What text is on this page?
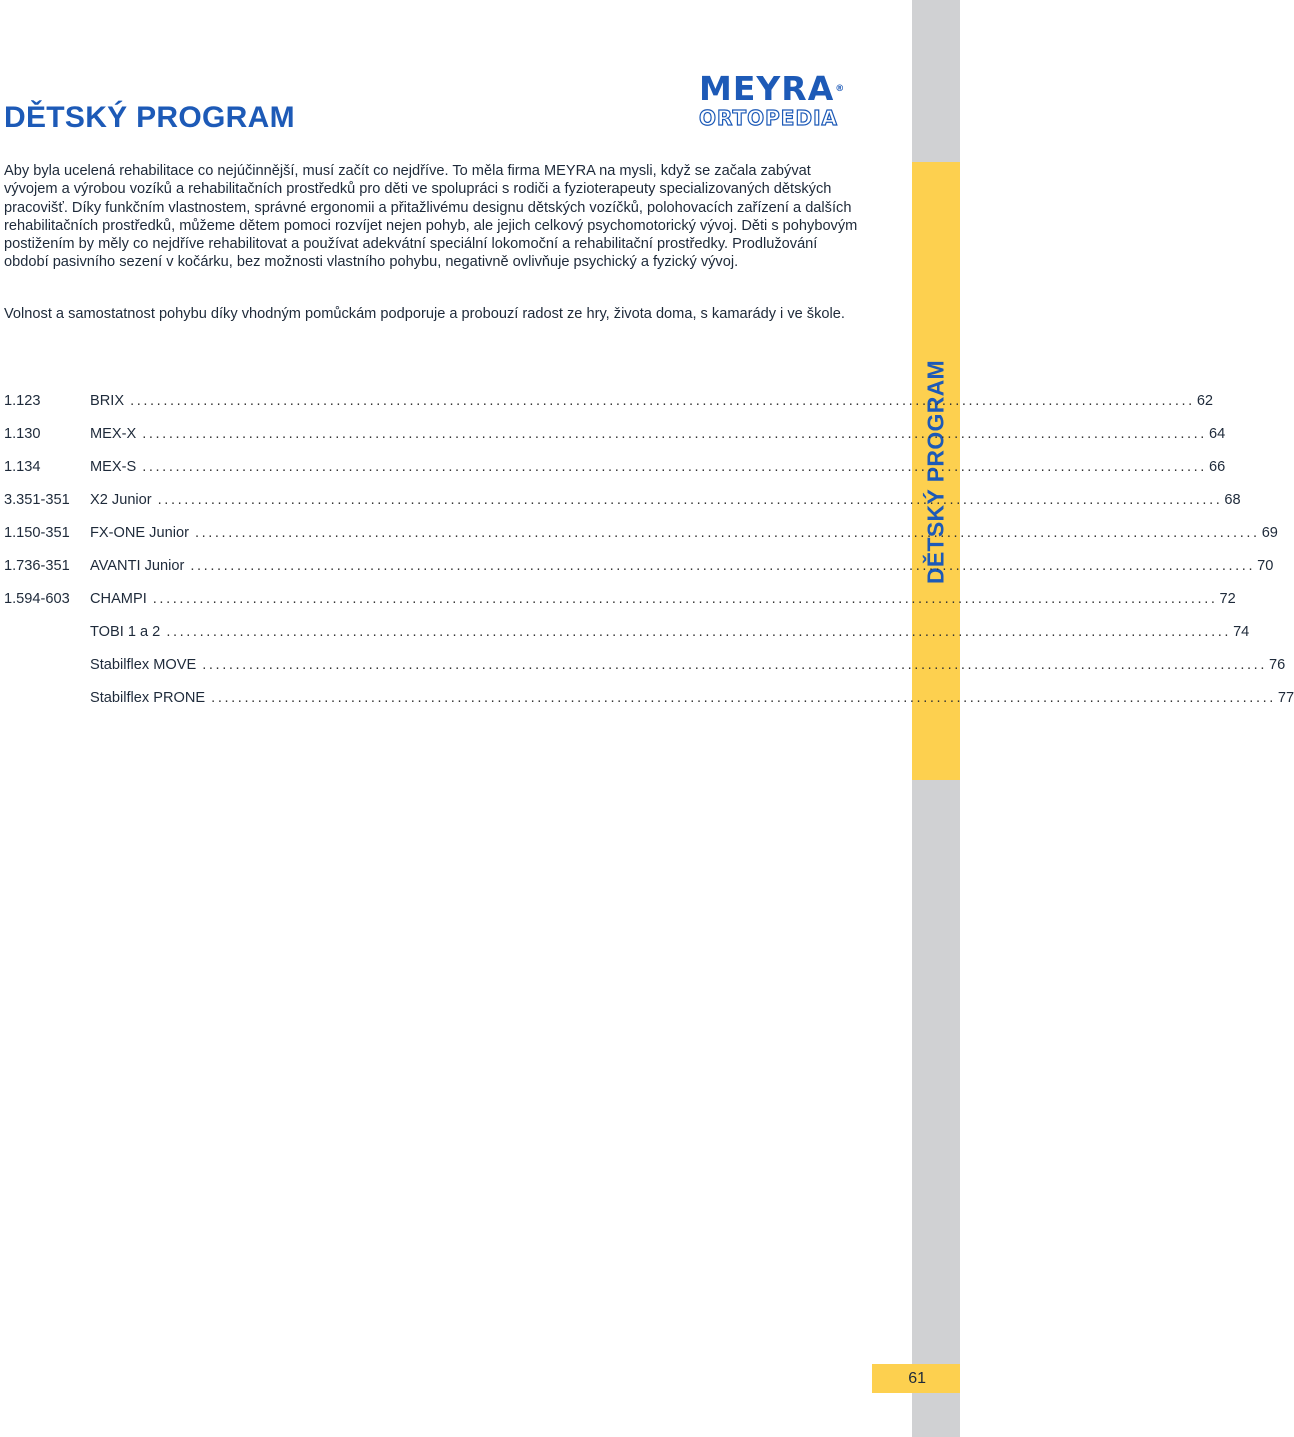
DĚTSKÝ PROGRAM
MEYRA®
ORTOPEDIA
DĚTSKÝ PROGRAM

Aby byla ucelená rehabilitace co nejúčinnější, musí začít co nejdříve. To měla firma MEYRA na mysli, když se začala zabývat vývojem a výrobou vozíků a rehabilitačních prostředků pro děti ve spolupráci s rodiči a fyzioterapeuty specializovaných dětských pracovišť. Díky funkčním vlastnostem, správné ergonomii a přitažlivému designu dětských vozíčků, polohovacích zařízení a dalších rehabilitačních prostředků, můžeme dětem pomoci rozvíjet nejen pohyb, ale jejich celkový psychomotorický vývoj. Děti s pohybovým postižením by měly co nejdříve rehabilitovat a používat adekvátní speciální lokomoční a rehabilitační prostředky. Prodlužování období pasivního sezení v kočárku, bez možnosti vlastního pohybu, negativně ovlivňuje psychický a fyzický vývoj.

Volnost a samostatnost pohybu díky vhodným pomůckám podporuje a probouzí radost ze hry, života doma, s kamarády i ve škole.

1.123	BRIX ................................................................................................................................................................ 62
1.130	MEX-X ................................................................................................................................................................ 64
1.134	MEX-S ................................................................................................................................................................ 66
3.351-351	X2 Junior ................................................................................................................................................................ 68
1.150-351	FX-ONE Junior ................................................................................................................................................................ 69
1.736-351	AVANTI Junior ................................................................................................................................................................ 70
1.594-603	CHAMPI ................................................................................................................................................................ 72
TOBI 1 a 2 ................................................................................................................................................................ 74
Stabilflex MOVE ................................................................................................................................................................ 76
Stabilflex PRONE ................................................................................................................................................................ 77
61
